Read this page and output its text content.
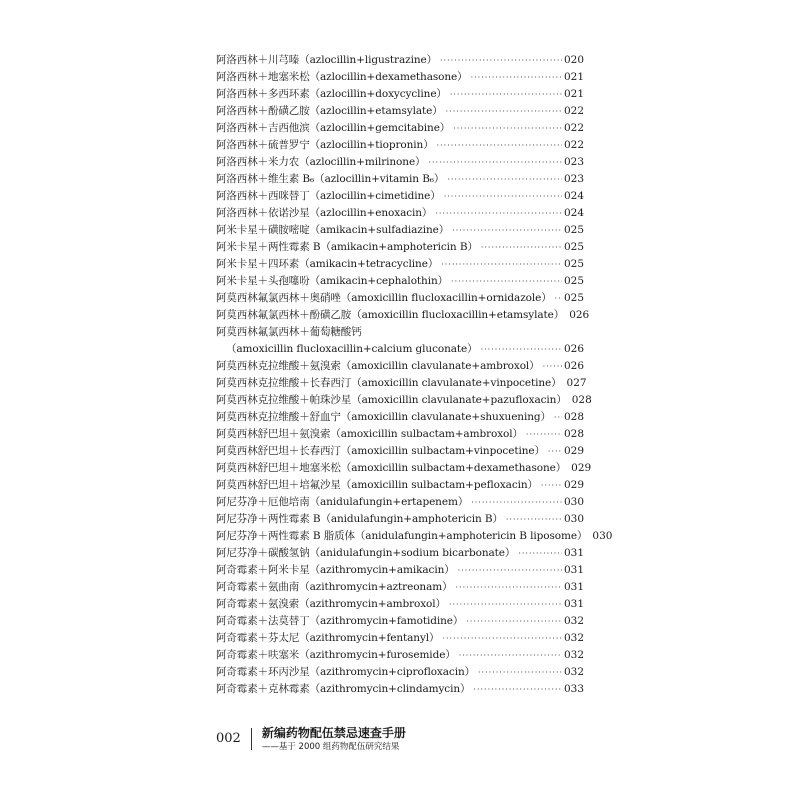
阿洛西林＋川芎嗪（azlocillin+ligustrazine） ·····	020
阿洛西林＋地塞米松（azlocillin+dexamethasone） ·····	021
阿洛西林＋多西环素（azlocillin+doxycycline） ·····	021
阿洛西林＋酚磺乙胺（azlocillin+etamsylate） ·····	022
阿洛西林＋吉西他滨（azlocillin+gemcitabine） ·····	022
阿洛西林＋硫普罗宁（azlocillin+tiopronin） ·····	022
阿洛西林＋米力农（azlocillin+milrinone） ·····	023
阿洛西林＋维生素 B₆（azlocillin+vitamin B₆） ·····	023
阿洛西林＋西咪替丁（azlocillin+cimetidine） ·····	024
阿洛西林＋依诺沙星（azlocillin+enoxacin） ·····	024
阿米卡星＋磺胺嘧啶（amikacin+sulfadiazine） ·····	025
阿米卡星＋两性霉素 B（amikacin+amphotericin B） ·····	025
阿米卡星＋四环素（amikacin+tetracycline） ·····	025
阿米卡星＋头孢噻吩（amikacin+cephalothin） ·····	025
阿莫西林氟氯西林＋奥硝唑（amoxicillin flucloxacillin+ornidazole） ····· 025
阿莫西林氟氯西林＋酚磺乙胺（amoxicillin flucloxacillin+etamsylate） 026
阿莫西林氟氯西林＋葡萄糖酸钙
（amoxicillin flucloxacillin+calcium gluconate） ·····	026
阿莫西林克拉维酸＋氨溴索（amoxicillin clavulanate+ambroxol） ····· 026
阿莫西林克拉维酸＋长春西汀（amoxicillin clavulanate+vinpocetine） 027
阿莫西林克拉维酸＋帕珠沙星（amoxicillin clavulanate+pazufloxacin） 028
阿莫西林克拉维酸＋舒血宁（amoxicillin clavulanate+shuxuening） ····· 028
阿莫西林舒巴坦＋氨溴索（amoxicillin sulbactam+ambroxol） ·····	028
阿莫西林舒巴坦＋长春西汀（amoxicillin sulbactam+vinpocetine） ····· 029
阿莫西林舒巴坦＋地塞米松（amoxicillin sulbactam+dexamethasone） 029
阿莫西林舒巴坦＋培氟沙星（amoxicillin sulbactam+pefloxacin） ····· 029
阿尼芬净＋厄他培南（anidulafungin+ertapenem） ·····	030
阿尼芬净＋两性霉素 B（anidulafungin+amphotericin B） ·····	030
阿尼芬净＋两性霉素 B 脂质体（anidulafungin+amphotericin B liposome） 030
阿尼芬净＋碳酸氢钠（anidulafungin+sodium bicarbonate） ·····	031
阿奇霉素＋阿米卡星（azithromycin+amikacin） ·····	031
阿奇霉素＋氨曲南（azithromycin+aztreonam） ·····	031
阿奇霉素＋氨溴索（azithromycin+ambroxol） ·····	031
阿奇霉素＋法莫替丁（azithromycin+famotidine） ·····	032
阿奇霉素＋芬太尼（azithromycin+fentanyl） ·····	032
阿奇霉素＋呋塞米（azithromycin+furosemide） ·····	032
阿奇霉素＋环丙沙星（azithromycin+ciprofloxacin） ·····	032
阿奇霉素＋克林霉素（azithromycin+clindamycin） ·····	033
002	新编药物配伍禁忌速查手册
——基于 2000 组药物配伍研究结果
